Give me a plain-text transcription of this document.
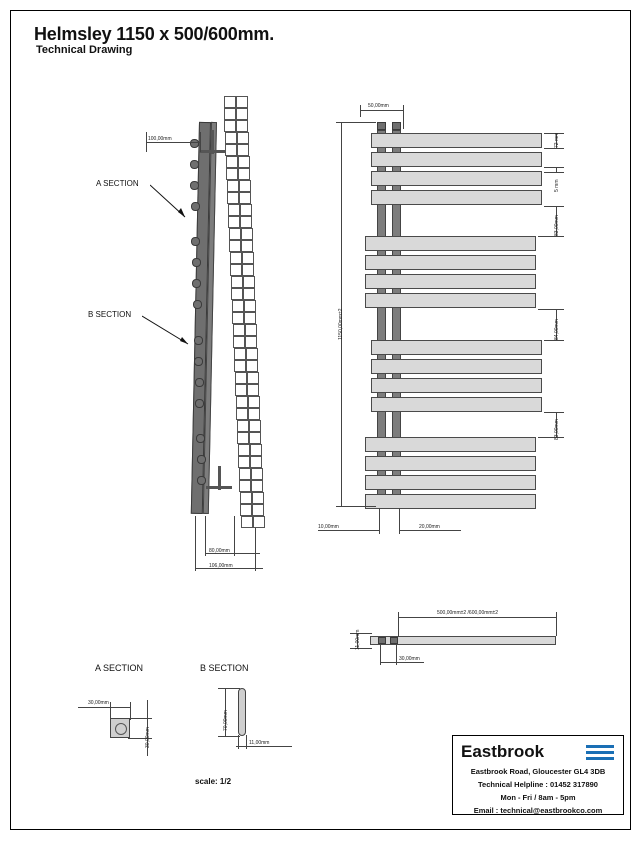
Helmsley 1150 x 500/600mm.
Technical Drawing
100,00mm
80,00mm
106,00mm
A SECTION
B SECTION
50,00mm
1150,00mm±2
72 mm
5 mm
83,00mm
84,00mm
83,00mm
10,00mm	20,00mm
500,00mm±2 /600,00mm±2
11,00mm
30,00mm
A SECTION	B SECTION
30,00mm
30,00mm
70,00mm
11,00mm
scale: 1/2
Eastbrook
Eastbrook Road, Gloucester GL4 3DB
Technical Helpline : 01452 317890
Mon - Fri / 8am - 5pm
Email : technical@eastbrookco.com
